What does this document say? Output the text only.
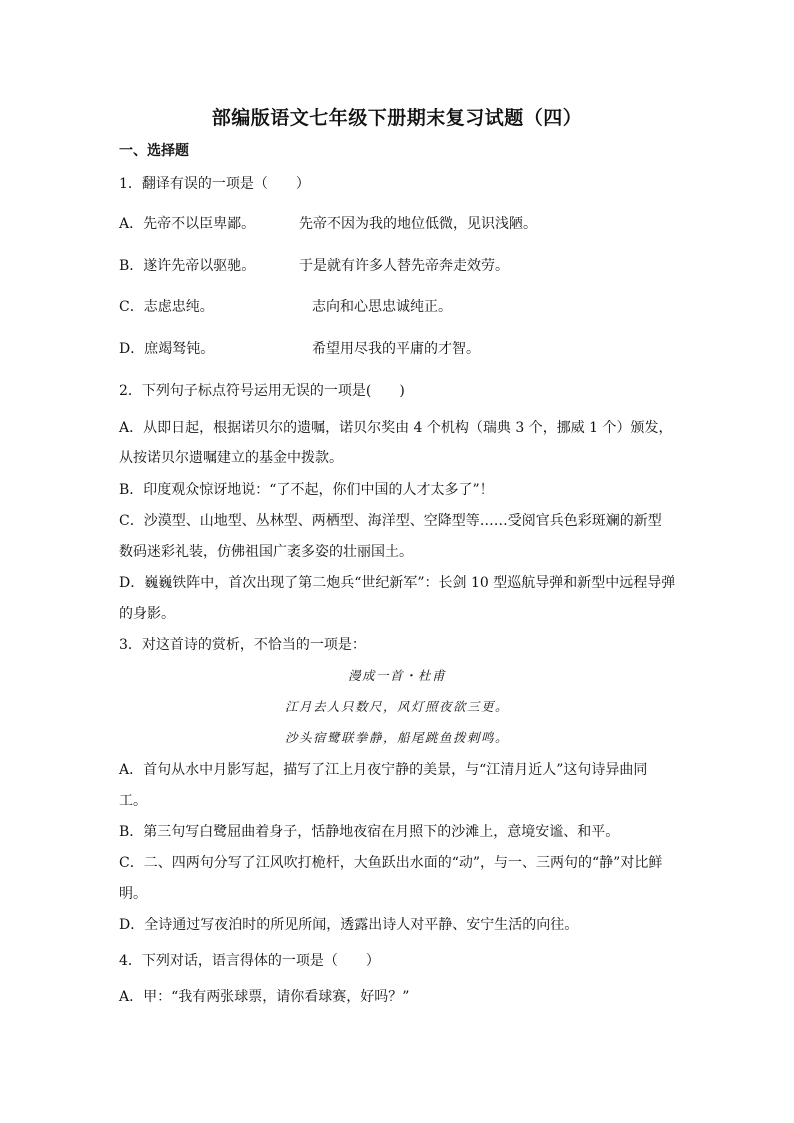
部编版语文七年级下册期末复习试题（四）
一、选择题
1．翻译有误的一项是（　　）
A．先帝不以臣卑鄙。	先帝不因为我的地位低微，见识浅陋。
B．遂许先帝以驱驰。	于是就有许多人替先帝奔走效劳。
C．志虑忠纯。	志向和心思忠诚纯正。
D．庶竭驽钝。	希望用尽我的平庸的才智。
2．下列句子标点符号运用无误的一项是(　　)
A．从即日起，根据诺贝尔的遗嘱，诺贝尔奖由 4 个机构（瑞典 3 个，挪威 1 个）颁发，
从按诺贝尔遗嘱建立的基金中拨款。
B．印度观众惊讶地说：“了不起，你们中国的人才太多了”！
C．沙漠型、山地型、丛林型、两栖型、海洋型、空降型等……受阅官兵色彩斑斓的新型
数码迷彩礼装，仿佛祖国广袤多姿的壮丽国土。
D．巍巍铁阵中，首次出现了第二炮兵“世纪新军”：长剑 10 型巡航导弹和新型中远程导弹
的身影。
3．对这首诗的赏析，不恰当的一项是：
漫成一首・杜甫
江月去人只数尺，风灯照夜欲三更。
沙头宿鹭联拳静，船尾跳鱼拨剌鸣。
A．首句从水中月影写起，描写了江上月夜宁静的美景，与“江清月近人”这句诗异曲同
工。
B．第三句写白鹭屈曲着身子，恬静地夜宿在月照下的沙滩上，意境安谧、和平。
C．二、四两句分写了江风吹打桅杆，大鱼跃出水面的“动”，与一、三两句的“静”对比鲜
明。
D．全诗通过写夜泊时的所见所闻，透露出诗人对平静、安宁生活的向往。
4．下列对话，语言得体的一项是（　　）
A．甲：“我有两张球票，请你看球赛，好吗？”
